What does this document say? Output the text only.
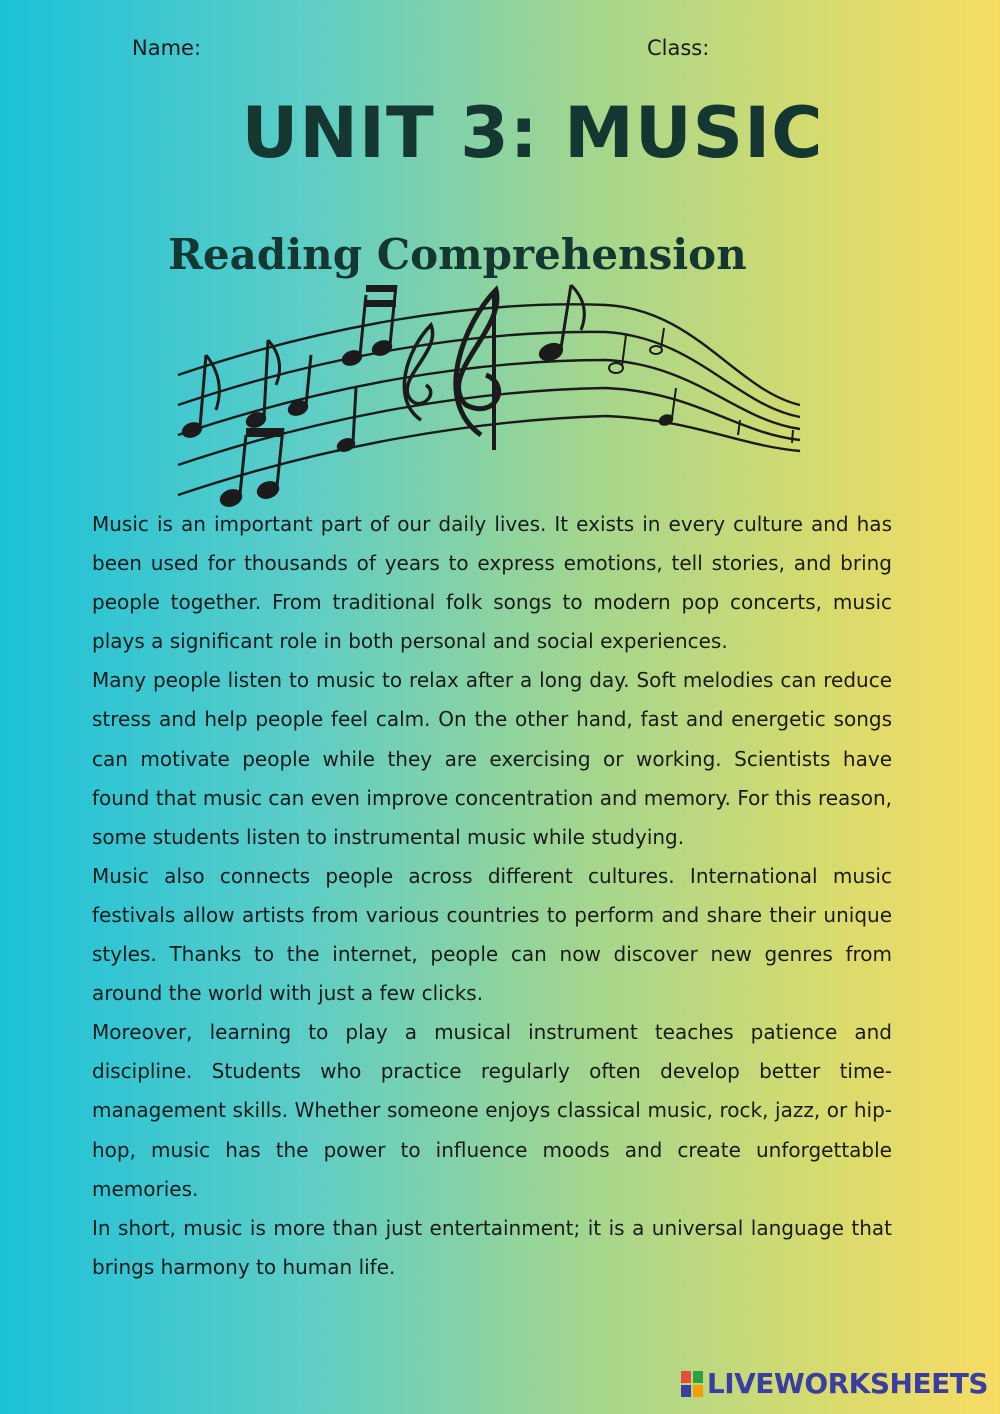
Name:	Class:
UNIT 3: MUSIC
Reading Comprehension

Music is an important part of our daily lives. It exists in every culture and has been used for thousands of years to express emotions, tell stories, and bring people together. From traditional folk songs to modern pop concerts, music plays a significant role in both personal and social experiences.

Many people listen to music to relax after a long day. Soft melodies can reduce stress and help people feel calm. On the other hand, fast and energetic songs can motivate people while they are exercising or working. Scientists have found that music can even improve concentration and memory. For this reason, some students listen to instrumental music while studying.

Music also connects people across different cultures. International music festivals allow artists from various countries to perform and share their unique styles. Thanks to the internet, people can now discover new genres from around the world with just a few clicks.

Moreover, learning to play a musical instrument teaches patience and discipline. Students who practice regularly often develop better time-management skills. Whether someone enjoys classical music, rock, jazz, or hip-hop, music has the power to influence moods and create unforgettable memories.

In short, music is more than just entertainment; it is a universal language that brings harmony to human life.

LIVEWORKSHEETS
